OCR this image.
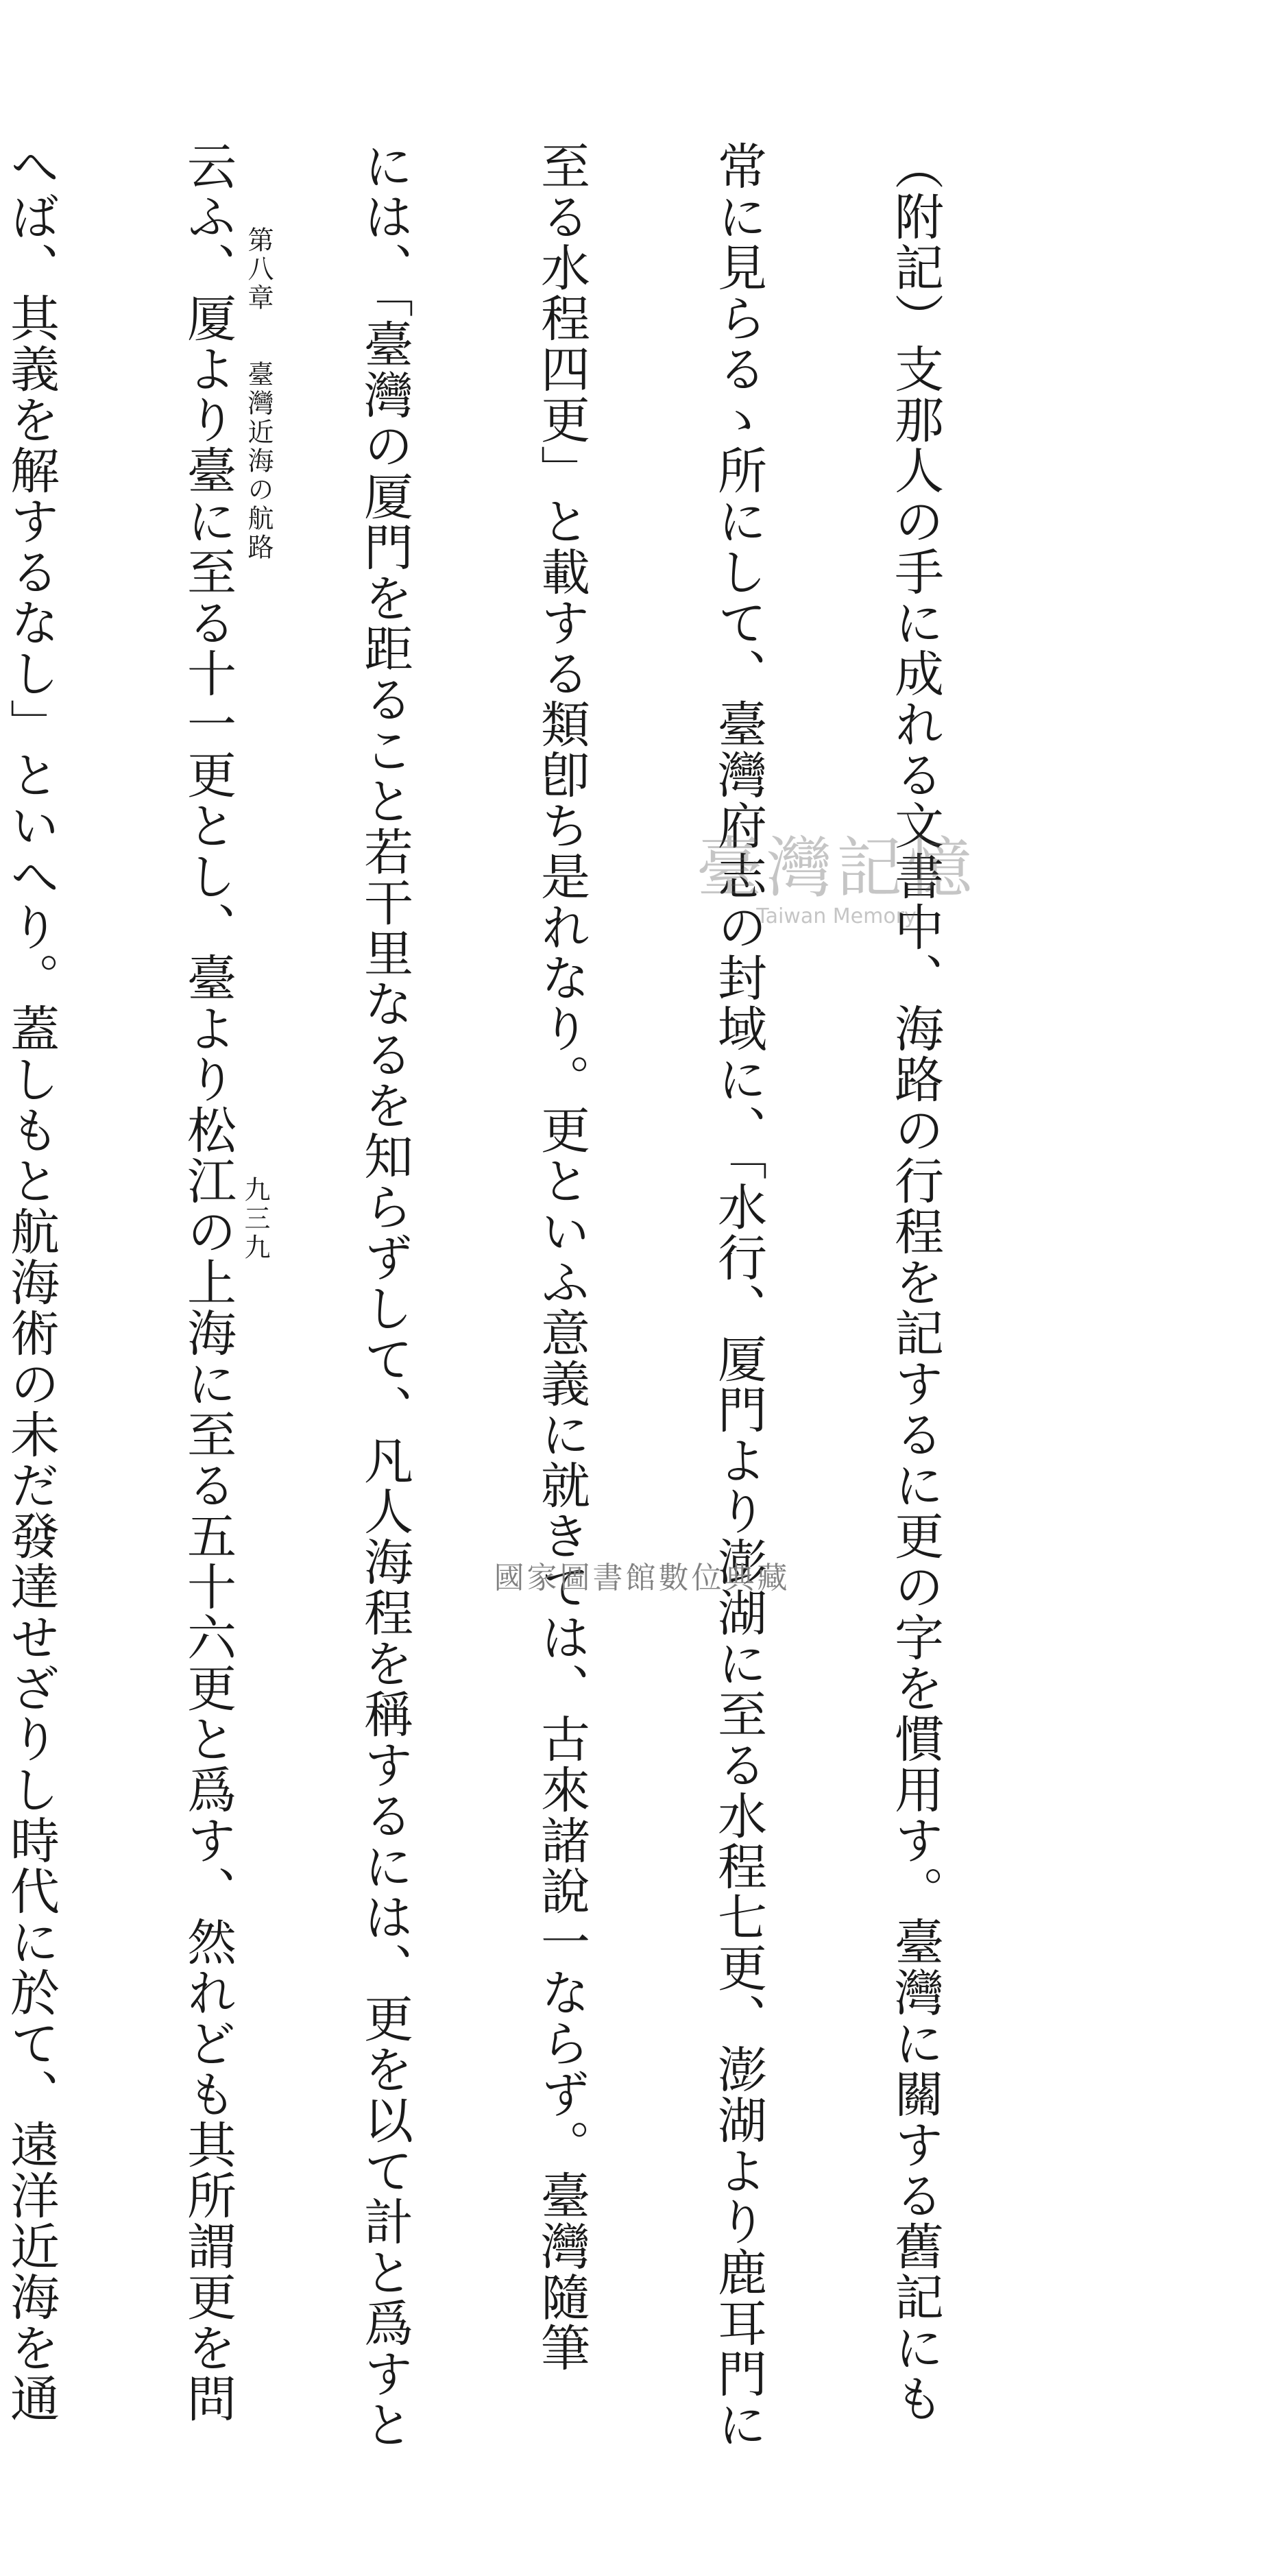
（附記）支那人の手に成れる文書中、海路の行程を記するに更の字を慣用す。臺灣に關する舊記にも

常に見らるゝ所にして、臺灣府志の封域に、「水行、厦門より澎湖に至る水程七更、澎湖より鹿耳門に

至る水程四更」と載する類卽ち是れなり。更といふ意義に就きては、古來諸說一ならず。臺灣隨筆

には、「臺灣の厦門を距ること若干里なるを知らずして、凡人海程を稱するには、更を以て計と爲すと

云ふ、厦より臺に至る十一更とし、臺より松江の上海に至る五十六更と爲す、然れども其所謂更を問

へば、其義を解するなし」といへり。蓋しもと航海術の未だ發達せざりし時代に於て、遠洋近海を通

	第八章臺灣近海の航路
九三九
臺灣記憶
Taiwan Memory
國家圖書館數位典藏
